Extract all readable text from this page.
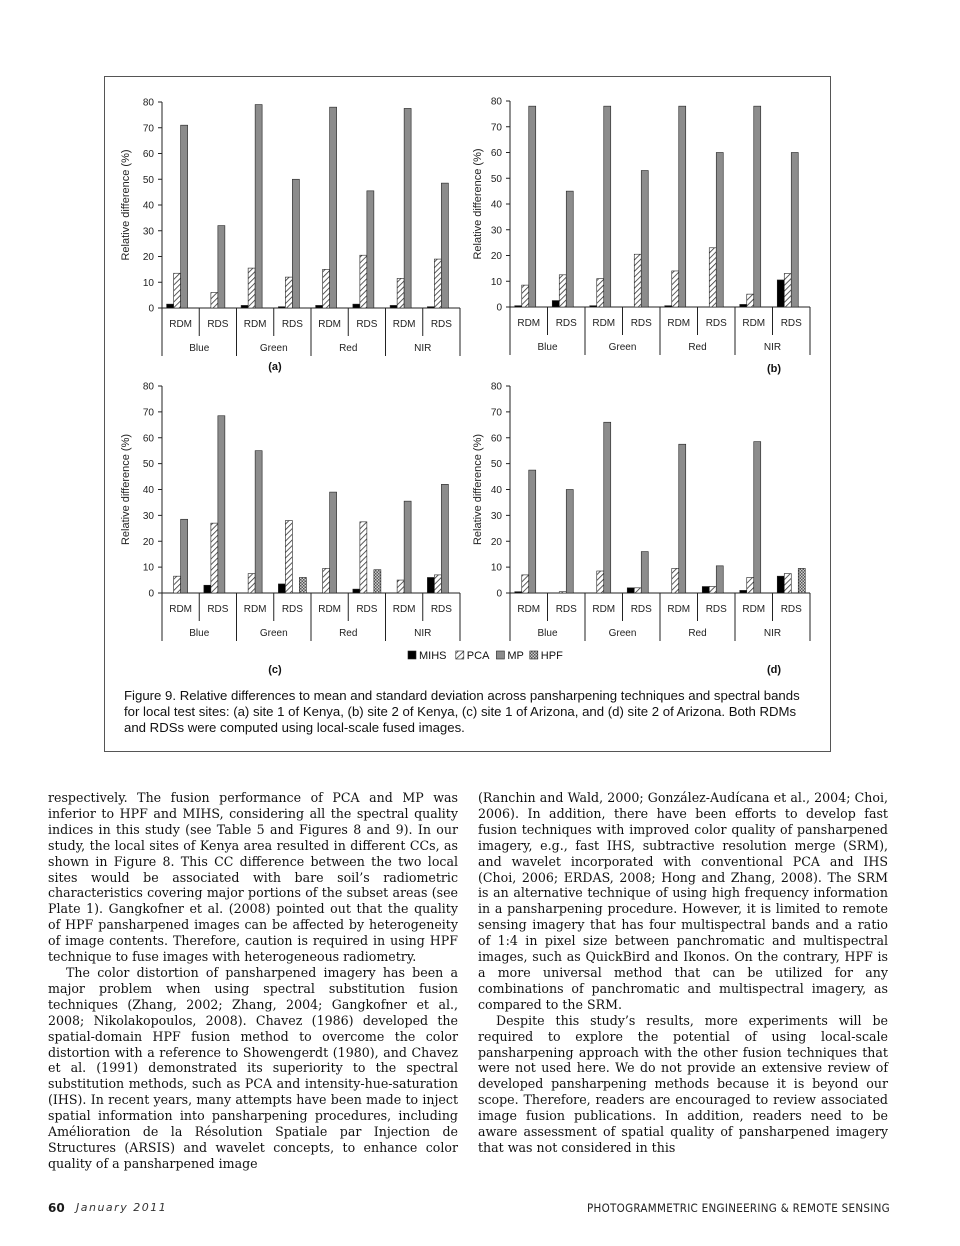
0
10
20
30
40
50
60
70
80
Relative difference (%)
RDM RDS RDM RDS RDM RDS RDM RDS
Blue	Green	Red	NIR
(a)
0
10
20
30
40
50
60
70
80
Relative difference (%)
RDM RDS RDM RDS RDM RDS RDM RDS
Blue	Green	Red	NIR
(b)
0
10
20
30
40
50
60
70
80
Relative difference (%)
RDM RDS RDM RDS RDM RDS RDM RDS
Blue	Green	Red	NIR
(c)
0
10
20
30
40
50
60
70
80
Relative difference (%)
RDM RDS RDM RDS RDM RDS RDM RDS
Blue	Green	Red	NIR
(d)
MIHS PCA MP HPF
Figure 9. Relative differences to mean and standard deviation across pansharpening techniques and spectral bands for local test sites: (a) site 1 of Kenya, (b) site 2 of Kenya, (c) site 1 of Arizona, and (d) site 2 of Arizona. Both RDMs and RDSs were computed using local-scale fused images.

respectively. The fusion performance of PCA and MP was inferior to HPF and MIHS, considering all the spectral quality indices in this study (see Table 5 and Figures 8 and 9). In our study, the local sites of Kenya area resulted in different CCs, as shown in Figure 8. This CC difference between the two local sites would be associated with bare soil’s radiometric characteristics covering major portions of the subset areas (see Plate 1). Gangkofner et al. (2008) pointed out that the quality of HPF pansharpened images can be affected by heterogeneity of image contents. Therefore, caution is required in using HPF technique to fuse images with heterogeneous radiometry.

The color distortion of pansharpened imagery has been a major problem when using spectral substitution fusion techniques (Zhang, 2002; Zhang, 2004; Gangkofner et al., 2008; Nikolakopoulos, 2008). Chavez (1986) developed the spatial-domain HPF fusion method to overcome the color distortion with a reference to Showengerdt (1980), and Chavez et al. (1991) demonstrated its superiority to the spectral substitution methods, such as PCA and intensity-hue-saturation (IHS). In recent years, many attempts have been made to inject spatial information into pansharpening procedures, including Amélioration de la Résolution Spatiale par Injection de Structures (ARSIS) and wavelet concepts, to enhance color quality of a pansharpened image

(Ranchin and Wald, 2000; González-Audícana et al., 2004; Choi, 2006). In addition, there have been efforts to develop fast fusion techniques with improved color quality of pansharpened imagery, e.g., fast IHS, subtractive resolution merge (SRM), and wavelet incorporated with conventional PCA and IHS (Choi, 2006; ERDAS, 2008; Hong and Zhang, 2008). The SRM is an alternative technique of using high frequency information in a pansharpening procedure. However, it is limited to remote sensing imagery that has four multispectral bands and a ratio of 1:4 in pixel size between panchromatic and multispectral images, such as QuickBird and Ikonos. On the contrary, HPF is a more universal method that can be utilized for any combinations of panchromatic and multispectral imagery, as compared to the SRM.

Despite this study’s results, more experiments will be required to explore the potential of using local-scale pansharpening approach with the other fusion techniques that were not used here. We do not provide an extensive review of developed pansharpening methods because it is beyond our scope. Therefore, readers are encouraged to review associated image fusion publications. In addition, readers need to be aware assessment of spatial quality of pansharpened imagery that was not considered in this

60 January 2011	PHOTOGRAMMETRIC ENGINEERING & REMOTE SENSING
